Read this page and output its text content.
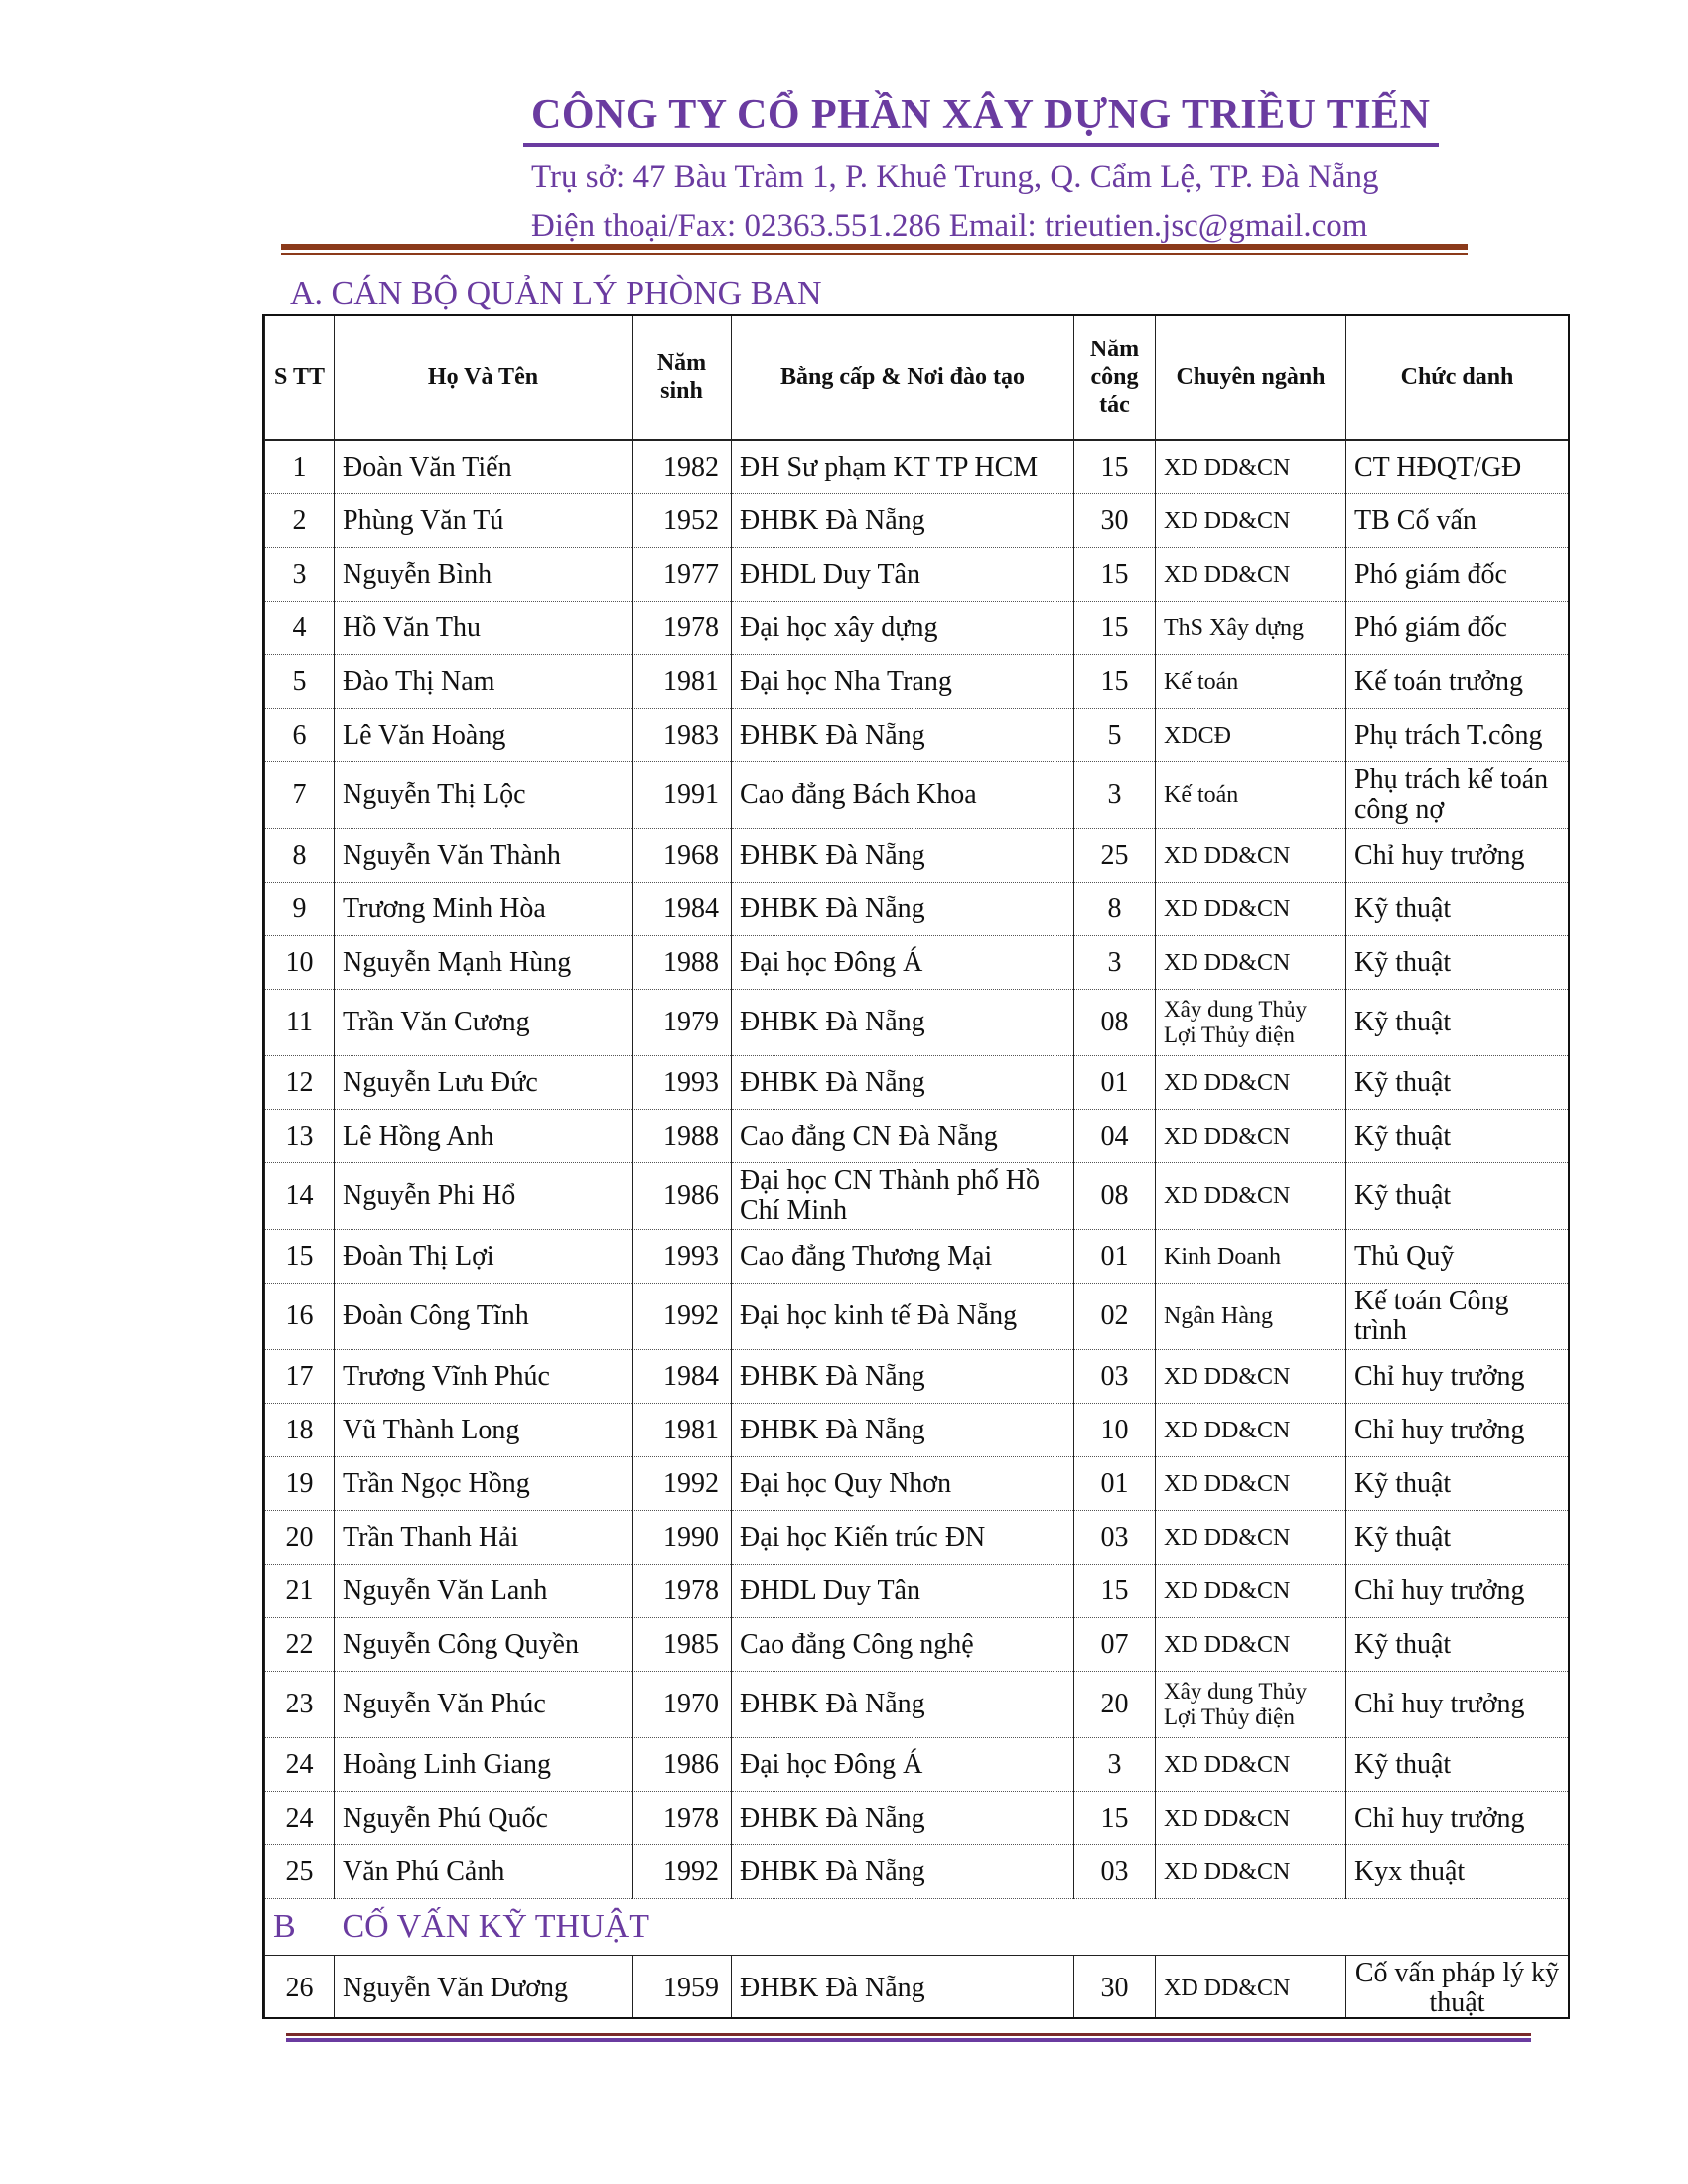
CÔNG TY CỔ PHẦN XÂY DỰNG TRIỀU TIẾN
Trụ sở: 47 Bàu Tràm 1, P. Khuê Trung, Q. Cẩm Lệ, TP. Đà Nẵng
Điện thoại/Fax: 02363.551.286 Email: trieutien.jsc@gmail.com
A. CÁN BỘ QUẢN LÝ PHÒNG BAN
S TT	Họ Và Tên	Năm sinh	Bằng cấp & Nơi đào tạo	Năm công tác	Chuyên ngành	Chức danh
1	Đoàn Văn Tiến	1982	ĐH Sư phạm KT TP HCM	15	XD DD&CN	CT HĐQT/GĐ
2	Phùng Văn Tú	1952	ĐHBK Đà Nẵng	30	XD DD&CN	TB Cố vấn
3	Nguyễn Bình	1977	ĐHDL Duy Tân	15	XD DD&CN	Phó giám đốc
4	Hồ Văn Thu	1978	Đại học xây dựng	15	ThS Xây dựng	Phó giám đốc
5	Đào Thị Nam	1981	Đại học Nha Trang	15	Kế toán	Kế toán trưởng
6	Lê Văn Hoàng	1983	ĐHBK Đà Nẵng	5	XDCĐ	Phụ trách T.công
7	Nguyễn Thị Lộc	1991	Cao đẳng Bách Khoa	3	Kế toán	Phụ trách kế toán công nợ
8	Nguyễn Văn Thành	1968	ĐHBK Đà Nẵng	25	XD DD&CN	Chỉ huy trưởng
9	Trương Minh Hòa	1984	ĐHBK Đà Nẵng	8	XD DD&CN	Kỹ thuật
10	Nguyễn Mạnh Hùng	1988	Đại học Đông Á	3	XD DD&CN	Kỹ thuật
11	Trần Văn Cương	1979	ĐHBK Đà Nẵng	08	Xây dung Thủy Lợi Thủy điện	Kỹ thuật
12	Nguyễn Lưu Đức	1993	ĐHBK Đà Nẵng	01	XD DD&CN	Kỹ thuật
13	Lê Hồng Anh	1988	Cao đẳng CN Đà Nẵng	04	XD DD&CN	Kỹ thuật
14	Nguyễn Phi Hổ	1986	Đại học CN Thành phố Hồ Chí Minh	08	XD DD&CN	Kỹ thuật
15	Đoàn Thị Lợi	1993	Cao đẳng Thương Mại	01	Kinh Doanh	Thủ Quỹ
16	Đoàn Công Tĩnh	1992	Đại học kinh tế Đà Nẵng	02	Ngân Hàng	Kế toán Công trình
17	Trương Vĩnh Phúc	1984	ĐHBK Đà Nẵng	03	XD DD&CN	Chỉ huy trưởng
18	Vũ Thành Long	1981	ĐHBK Đà Nẵng	10	XD DD&CN	Chỉ huy trưởng
19	Trần Ngọc Hồng	1992	Đại học Quy Nhơn	01	XD DD&CN	Kỹ thuật
20	Trần Thanh Hải	1990	Đại học Kiến trúc ĐN	03	XD DD&CN	Kỹ thuật
21	Nguyễn Văn Lanh	1978	ĐHDL Duy Tân	15	XD DD&CN	Chỉ huy trưởng
22	Nguyễn Công Quyền	1985	Cao đẳng Công nghệ	07	XD DD&CN	Kỹ thuật
23	Nguyễn Văn Phúc	1970	ĐHBK Đà Nẵng	20	Xây dung Thủy Lợi Thủy điện	Chỉ huy trưởng
24	Hoàng Linh Giang	1986	Đại học Đông Á	3	XD DD&CN	Kỹ thuật
24	Nguyễn Phú Quốc	1978	ĐHBK Đà Nẵng	15	XD DD&CN	Chỉ huy trưởng
25	Văn Phú Cảnh	1992	ĐHBK Đà Nẵng	03	XD DD&CN	Kyx thuật
B	CỐ VẤN KỸ THUẬT					
26	Nguyễn Văn Dương	1959	ĐHBK Đà Nẵng	30	XD DD&CN	Cố vấn pháp lý kỹ thuật
